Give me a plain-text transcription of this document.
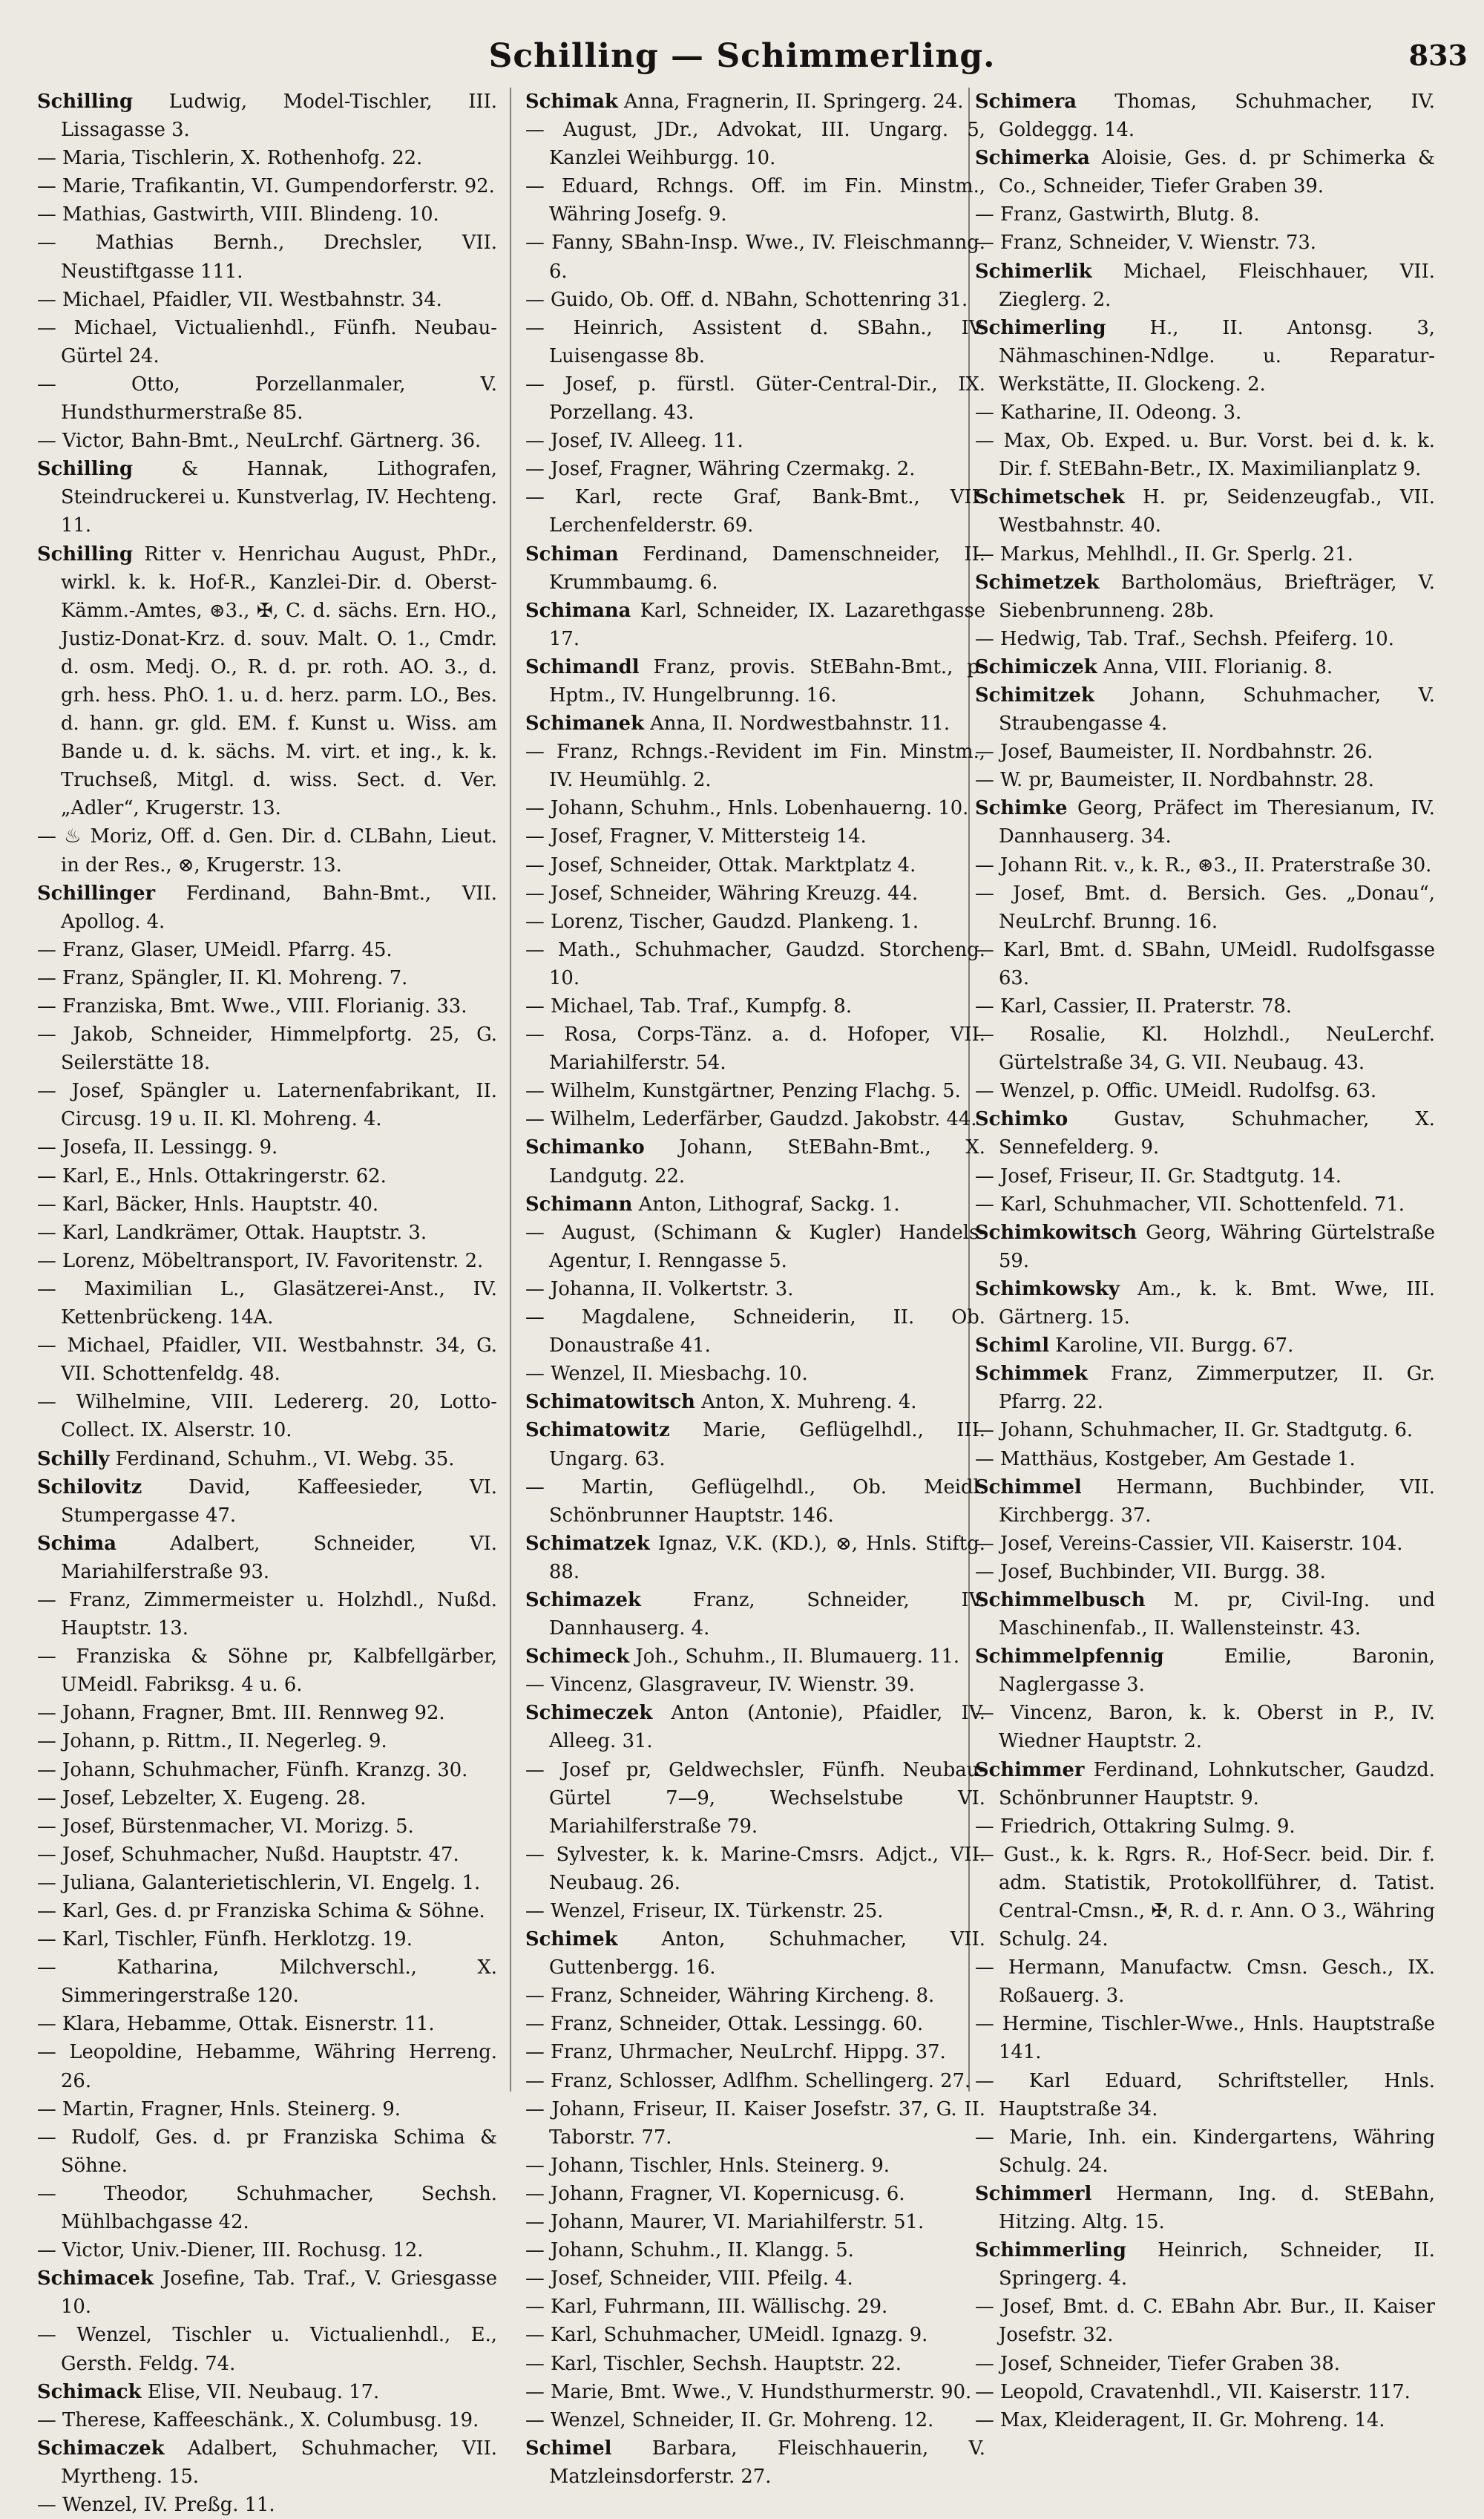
Schilling — Schimmerling.	833

Schilling Ludwig, Model-Tischler, III. Lissagasse 3.

— Maria, Tischlerin, X. Rothenhofg. 22.

— Marie, Trafikantin, VI. Gumpendorferstr. 92.

— Mathias, Gastwirth, VIII. Blindeng. 10.

— Mathias Bernh., Drechsler, VII. Neustiftgasse 111.

— Michael, Pfaidler, VII. Westbahnstr. 34.

— Michael, Victualienhdl., Fünfh. Neubau-Gürtel 24.

— Otto, Porzellanmaler, V. Hundsthurmerstraße 85.

— Victor, Bahn-Bmt., NeuLrchf. Gärtnerg. 36.

Schilling & Hannak, Lithografen, Steindruckerei u. Kunstverlag, IV. Hechteng. 11.

Schilling Ritter v. Henrichau August, PhDr., wirkl. k. k. Hof-R., Kanzlei-Dir. d. Oberst-Kämm.-Amtes, ⊛3., ✠, C. d. sächs. Ern. HO., Justiz-Donat-Krz. d. souv. Malt. O. 1., Cmdr. d. osm. Medj. O., R. d. pr. roth. AO. 3., d. grh. hess. PhO. 1. u. d. herz. parm. LO., Bes. d. hann. gr. gld. EM. f. Kunst u. Wiss. am Bande u. d. k. sächs. M. virt. et ing., k. k. Truchseß, Mitgl. d. wiss. Sect. d. Ver. „Adler“, Krugerstr. 13.

— ♨ Moriz, Off. d. Gen. Dir. d. CLBahn, Lieut. in der Res., ⊗, Krugerstr. 13.

Schillinger Ferdinand, Bahn-Bmt., VII. Apollog. 4.

— Franz, Glaser, UMeidl. Pfarrg. 45.

— Franz, Spängler, II. Kl. Mohreng. 7.

— Franziska, Bmt. Wwe., VIII. Florianig. 33.

— Jakob, Schneider, Himmelpfortg. 25, G. Seilerstätte 18.

— Josef, Spängler u. Laternenfabrikant, II. Circusg. 19 u. II. Kl. Mohreng. 4.

— Josefa, II. Lessingg. 9.

— Karl, E., Hnls. Ottakringerstr. 62.

— Karl, Bäcker, Hnls. Hauptstr. 40.

— Karl, Landkrämer, Ottak. Hauptstr. 3.

— Lorenz, Möbeltransport, IV. Favoritenstr. 2.

— Maximilian L., Glasätzerei-Anst., IV. Kettenbrückeng. 14A.

— Michael, Pfaidler, VII. Westbahnstr. 34, G. VII. Schottenfeldg. 48.

— Wilhelmine, VIII. Ledererg. 20, Lotto-Collect. IX. Alserstr. 10.

Schilly Ferdinand, Schuhm., VI. Webg. 35.

Schilovitz David, Kaffeesieder, VI. Stumpergasse 47.

Schima Adalbert, Schneider, VI. Mariahilferstraße 93.

— Franz, Zimmermeister u. Holzhdl., Nußd. Hauptstr. 13.

— Franziska & Söhne pr, Kalbfellgärber, UMeidl. Fabriksg. 4 u. 6.

— Johann, Fragner, Bmt. III. Rennweg 92.

— Johann, p. Rittm., II. Negerleg. 9.

— Johann, Schuhmacher, Fünfh. Kranzg. 30.

— Josef, Lebzelter, X. Eugeng. 28.

— Josef, Bürstenmacher, VI. Morizg. 5.

— Josef, Schuhmacher, Nußd. Hauptstr. 47.

— Juliana, Galanterietischlerin, VI. Engelg. 1.

— Karl, Ges. d. pr Franziska Schima & Söhne.

— Karl, Tischler, Fünfh. Herklotzg. 19.

— Katharina, Milchverschl., X. Simmeringerstraße 120.

— Klara, Hebamme, Ottak. Eisnerstr. 11.

— Leopoldine, Hebamme, Währing Herreng. 26.

— Martin, Fragner, Hnls. Steinerg. 9.

— Rudolf, Ges. d. pr Franziska Schima & Söhne.

— Theodor, Schuhmacher, Sechsh. Mühlbachgasse 42.

— Victor, Univ.-Diener, III. Rochusg. 12.

Schimacek Josefine, Tab. Traf., V. Griesgasse 10.

— Wenzel, Tischler u. Victualienhdl., E., Gersth. Feldg. 74.

Schimack Elise, VII. Neubaug. 17.

— Therese, Kaffeeschänk., X. Columbusg. 19.

Schimaczek Adalbert, Schuhmacher, VII. Myrtheng. 15.

— Wenzel, IV. Preßg. 11.

Schimak Anna, Fragnerin, II. Springerg. 24.

— August, JDr., Advokat, III. Ungarg. 5, Kanzlei Weihburgg. 10.

— Eduard, Rchngs. Off. im Fin. Minstm., Währing Josefg. 9.

— Fanny, SBahn-Insp. Wwe., IV. Fleischmanng. 6.

— Guido, Ob. Off. d. NBahn, Schottenring 31.

— Heinrich, Assistent d. SBahn., IV. Luisengasse 8b.

— Josef, p. fürstl. Güter-Central-Dir., IX. Porzellang. 43.

— Josef, IV. Alleeg. 11.

— Josef, Fragner, Währing Czermakg. 2.

— Karl, recte Graf, Bank-Bmt., VII. Lerchenfelderstr. 69.

Schiman Ferdinand, Damenschneider, II. Krummbaumg. 6.

Schimana Karl, Schneider, IX. Lazarethgasse 17.

Schimandl Franz, provis. StEBahn-Bmt., p. Hptm., IV. Hungelbrunng. 16.

Schimanek Anna, II. Nordwestbahnstr. 11.

— Franz, Rchngs.-Revident im Fin. Minstm., IV. Heumühlg. 2.

— Johann, Schuhm., Hnls. Lobenhauerng. 10.

— Josef, Fragner, V. Mittersteig 14.

— Josef, Schneider, Ottak. Marktplatz 4.

— Josef, Schneider, Währing Kreuzg. 44.

— Lorenz, Tischer, Gaudzd. Plankeng. 1.

— Math., Schuhmacher, Gaudzd. Storcheng. 10.

— Michael, Tab. Traf., Kumpfg. 8.

— Rosa, Corps-Tänz. a. d. Hofoper, VII. Mariahilferstr. 54.

— Wilhelm, Kunstgärtner, Penzing Flachg. 5.

— Wilhelm, Lederfärber, Gaudzd. Jakobstr. 44.

Schimanko Johann, StEBahn-Bmt., X. Landgutg. 22.

Schimann Anton, Lithograf, Sackg. 1.

— August, (Schimann & Kugler) Handels-Agentur, I. Renngasse 5.

— Johanna, II. Volkertstr. 3.

— Magdalene, Schneiderin, II. Ob. Donaustraße 41.

— Wenzel, II. Miesbachg. 10.

Schimatowitsch Anton, X. Muhreng. 4.

Schimatowitz Marie, Geflügelhdl., III. Ungarg. 63.

— Martin, Geflügelhdl., Ob. Meidl. Schönbrunner Hauptstr. 146.

Schimatzek Ignaz, V.K. (KD.), ⊗, Hnls. Stiftg. 88.

Schimazek Franz, Schneider, IV. Dannhauserg. 4.

Schimeck Joh., Schuhm., II. Blumauerg. 11.

— Vincenz, Glasgraveur, IV. Wienstr. 39.

Schimeczek Anton (Antonie), Pfaidler, IV. Alleeg. 31.

— Josef pr, Geldwechsler, Fünfh. Neubau-Gürtel 7—9, Wechselstube VI. Mariahilferstraße 79.

— Sylvester, k. k. Marine-Cmsrs. Adjct., VII. Neubaug. 26.

— Wenzel, Friseur, IX. Türkenstr. 25.

Schimek Anton, Schuhmacher, VII. Guttenbergg. 16.

— Franz, Schneider, Währing Kircheng. 8.

— Franz, Schneider, Ottak. Lessingg. 60.

— Franz, Uhrmacher, NeuLrchf. Hippg. 37.

— Franz, Schlosser, Adlfhm. Schellingerg. 27.

— Johann, Friseur, II. Kaiser Josefstr. 37, G. II. Taborstr. 77.

— Johann, Tischler, Hnls. Steinerg. 9.

— Johann, Fragner, VI. Kopernicusg. 6.

— Johann, Maurer, VI. Mariahilferstr. 51.

— Johann, Schuhm., II. Klangg. 5.

— Josef, Schneider, VIII. Pfeilg. 4.

— Karl, Fuhrmann, III. Wällischg. 29.

— Karl, Schuhmacher, UMeidl. Ignazg. 9.

— Karl, Tischler, Sechsh. Hauptstr. 22.

— Marie, Bmt. Wwe., V. Hundsthurmerstr. 90.

— Wenzel, Schneider, II. Gr. Mohreng. 12.

Schimel Barbara, Fleischhauerin, V. Matzleinsdorferstr. 27.

Schimera Thomas, Schuhmacher, IV. Goldeggg. 14.

Schimerka Aloisie, Ges. d. pr Schimerka & Co., Schneider, Tiefer Graben 39.

— Franz, Gastwirth, Blutg. 8.

— Franz, Schneider, V. Wienstr. 73.

Schimerlik Michael, Fleischhauer, VII. Zieglerg. 2.

Schimerling H., II. Antonsg. 3, Nähmaschinen-Ndlge. u. Reparatur-Werkstätte, II. Glockeng. 2.

— Katharine, II. Odeong. 3.

— Max, Ob. Exped. u. Bur. Vorst. bei d. k. k. Dir. f. StEBahn-Betr., IX. Maximilianplatz 9.

Schimetschek H. pr, Seidenzeugfab., VII. Westbahnstr. 40.

— Markus, Mehlhdl., II. Gr. Sperlg. 21.

Schimetzek Bartholomäus, Briefträger, V. Siebenbrunneng. 28b.

— Hedwig, Tab. Traf., Sechsh. Pfeiferg. 10.

Schimiczek Anna, VIII. Florianig. 8.

Schimitzek Johann, Schuhmacher, V. Straubengasse 4.

— Josef, Baumeister, II. Nordbahnstr. 26.

— W. pr, Baumeister, II. Nordbahnstr. 28.

Schimke Georg, Präfect im Theresianum, IV. Dannhauserg. 34.

— Johann Rit. v., k. R., ⊛3., II. Praterstraße 30.

— Josef, Bmt. d. Bersich. Ges. „Donau“, NeuLrchf. Brunng. 16.

— Karl, Bmt. d. SBahn, UMeidl. Rudolfsgasse 63.

— Karl, Cassier, II. Praterstr. 78.

— Rosalie, Kl. Holzhdl., NeuLerchf. Gürtelstraße 34, G. VII. Neubaug. 43.

— Wenzel, p. Offic. UMeidl. Rudolfsg. 63.

Schimko Gustav, Schuhmacher, X. Sennefelderg. 9.

— Josef, Friseur, II. Gr. Stadtgutg. 14.

— Karl, Schuhmacher, VII. Schottenfeld. 71.

Schimkowitsch Georg, Währing Gürtelstraße 59.

Schimkowsky Am., k. k. Bmt. Wwe, III. Gärtnerg. 15.

Schiml Karoline, VII. Burgg. 67.

Schimmek Franz, Zimmerputzer, II. Gr. Pfarrg. 22.

— Johann, Schuhmacher, II. Gr. Stadtgutg. 6.

— Matthäus, Kostgeber, Am Gestade 1.

Schimmel Hermann, Buchbinder, VII. Kirchbergg. 37.

— Josef, Vereins-Cassier, VII. Kaiserstr. 104.

— Josef, Buchbinder, VII. Burgg. 38.

Schimmelbusch M. pr, Civil-Ing. und Maschinenfab., II. Wallensteinstr. 43.

Schimmelpfennig Emilie, Baronin, Naglergasse 3.

— Vincenz, Baron, k. k. Oberst in P., IV. Wiedner Hauptstr. 2.

Schimmer Ferdinand, Lohnkutscher, Gaudzd. Schönbrunner Hauptstr. 9.

— Friedrich, Ottakring Sulmg. 9.

— Gust., k. k. Rgrs. R., Hof-Secr. beid. Dir. f. adm. Statistik, Protokollführer, d. Tatist. Central-Cmsn., ✠, R. d. r. Ann. O 3., Währing Schulg. 24.

— Hermann, Manufactw. Cmsn. Gesch., IX. Roßauerg. 3.

— Hermine, Tischler-Wwe., Hnls. Hauptstraße 141.

— Karl Eduard, Schriftsteller, Hnls. Hauptstraße 34.

— Marie, Inh. ein. Kindergartens, Währing Schulg. 24.

Schimmerl Hermann, Ing. d. StEBahn, Hitzing. Altg. 15.

Schimmerling Heinrich, Schneider, II. Springerg. 4.

— Josef, Bmt. d. C. EBahn Abr. Bur., II. Kaiser Josefstr. 32.

— Josef, Schneider, Tiefer Graben 38.

— Leopold, Cravatenhdl., VII. Kaiserstr. 117.

— Max, Kleideragent, II. Gr. Mohreng. 14.
